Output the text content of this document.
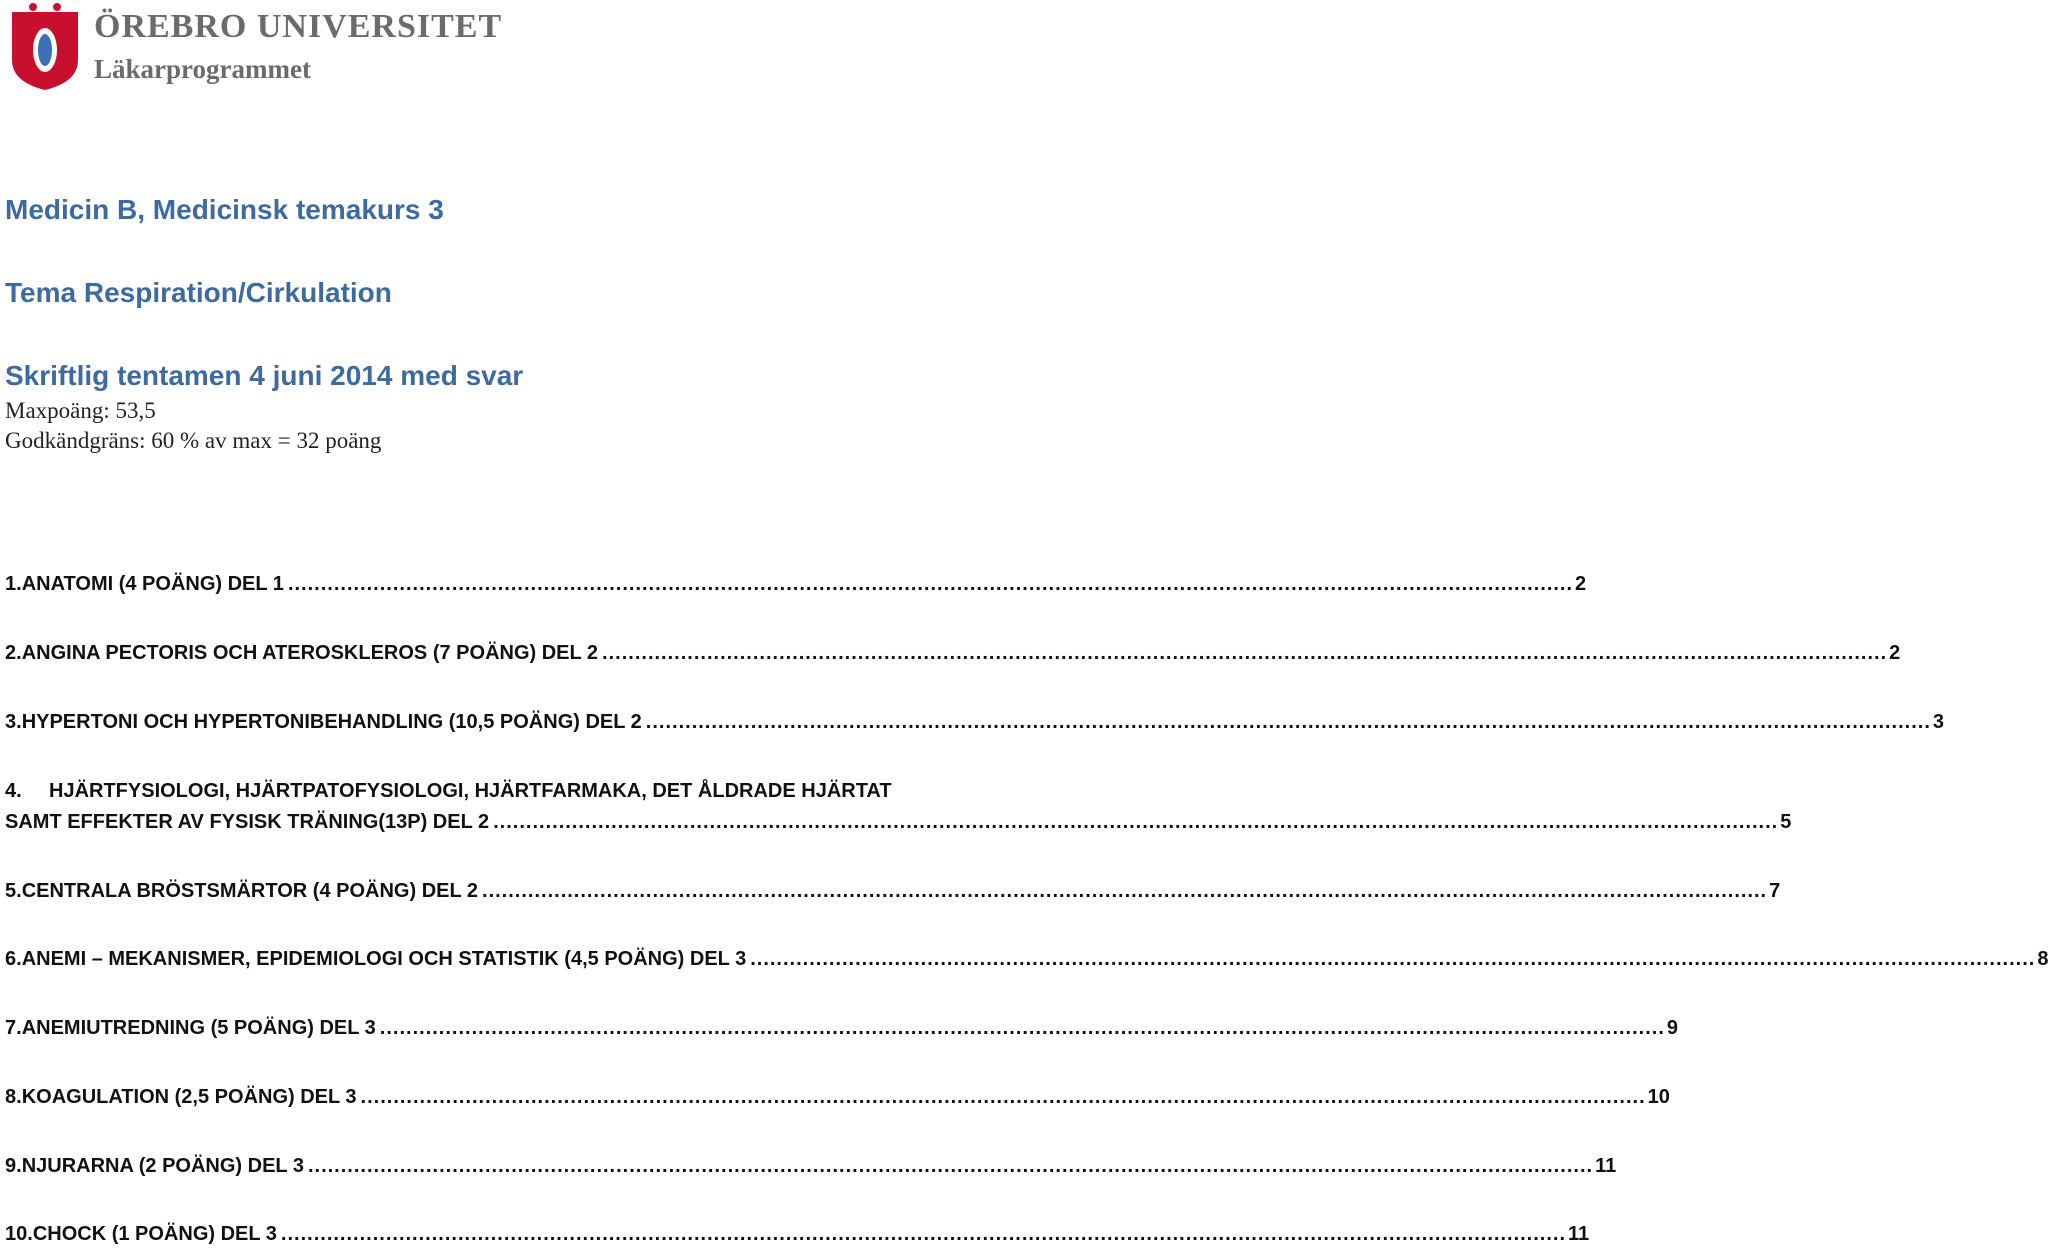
ÖREBRO UNIVERSITET
Läkarprogrammet
Medicin B, Medicinsk temakurs 3
Tema Respiration/Cirkulation
Skriftlig tentamen 4 juni 2014 med svar
Maxpoäng: 53,5
Godkändgräns: 60 % av max = 32 poäng
1. ANATOMI (4 POÄNG) DEL 1 .................................................................................................................................................................................................... 2
2. ANGINA PECTORIS OCH ATEROSKLEROS (7 POÄNG) DEL 2 .................................................................................................................................................................................................... 2
3. HYPERTONI OCH HYPERTONIBEHANDLING (10,5 POÄNG) DEL 2 .................................................................................................................................................................................................... 3
4. HJÄRTFYSIOLOGI, HJÄRTPATOFYSIOLOGI, HJÄRTFARMAKA, DET ÅLDRADE HJÄRTAT
SAMT EFFEKTER AV FYSISK TRÄNING(13P) DEL 2 .................................................................................................................................................................................................... 5
5. CENTRALA BRÖSTSMÄRTOR (4 POÄNG) DEL 2 .................................................................................................................................................................................................... 7
6. ANEMI – MEKANISMER, EPIDEMIOLOGI OCH STATISTIK (4,5 POÄNG) DEL 3 .................................................................................................................................................................................................... 8
7. ANEMIUTREDNING (5 POÄNG) DEL 3 .................................................................................................................................................................................................... 9
8. KOAGULATION (2,5 POÄNG) DEL 3 .................................................................................................................................................................................................... 10
9. NJURARNA (2 POÄNG) DEL 3 .................................................................................................................................................................................................... 11
10. CHOCK (1 POÄNG) DEL 3 .................................................................................................................................................................................................... 11
